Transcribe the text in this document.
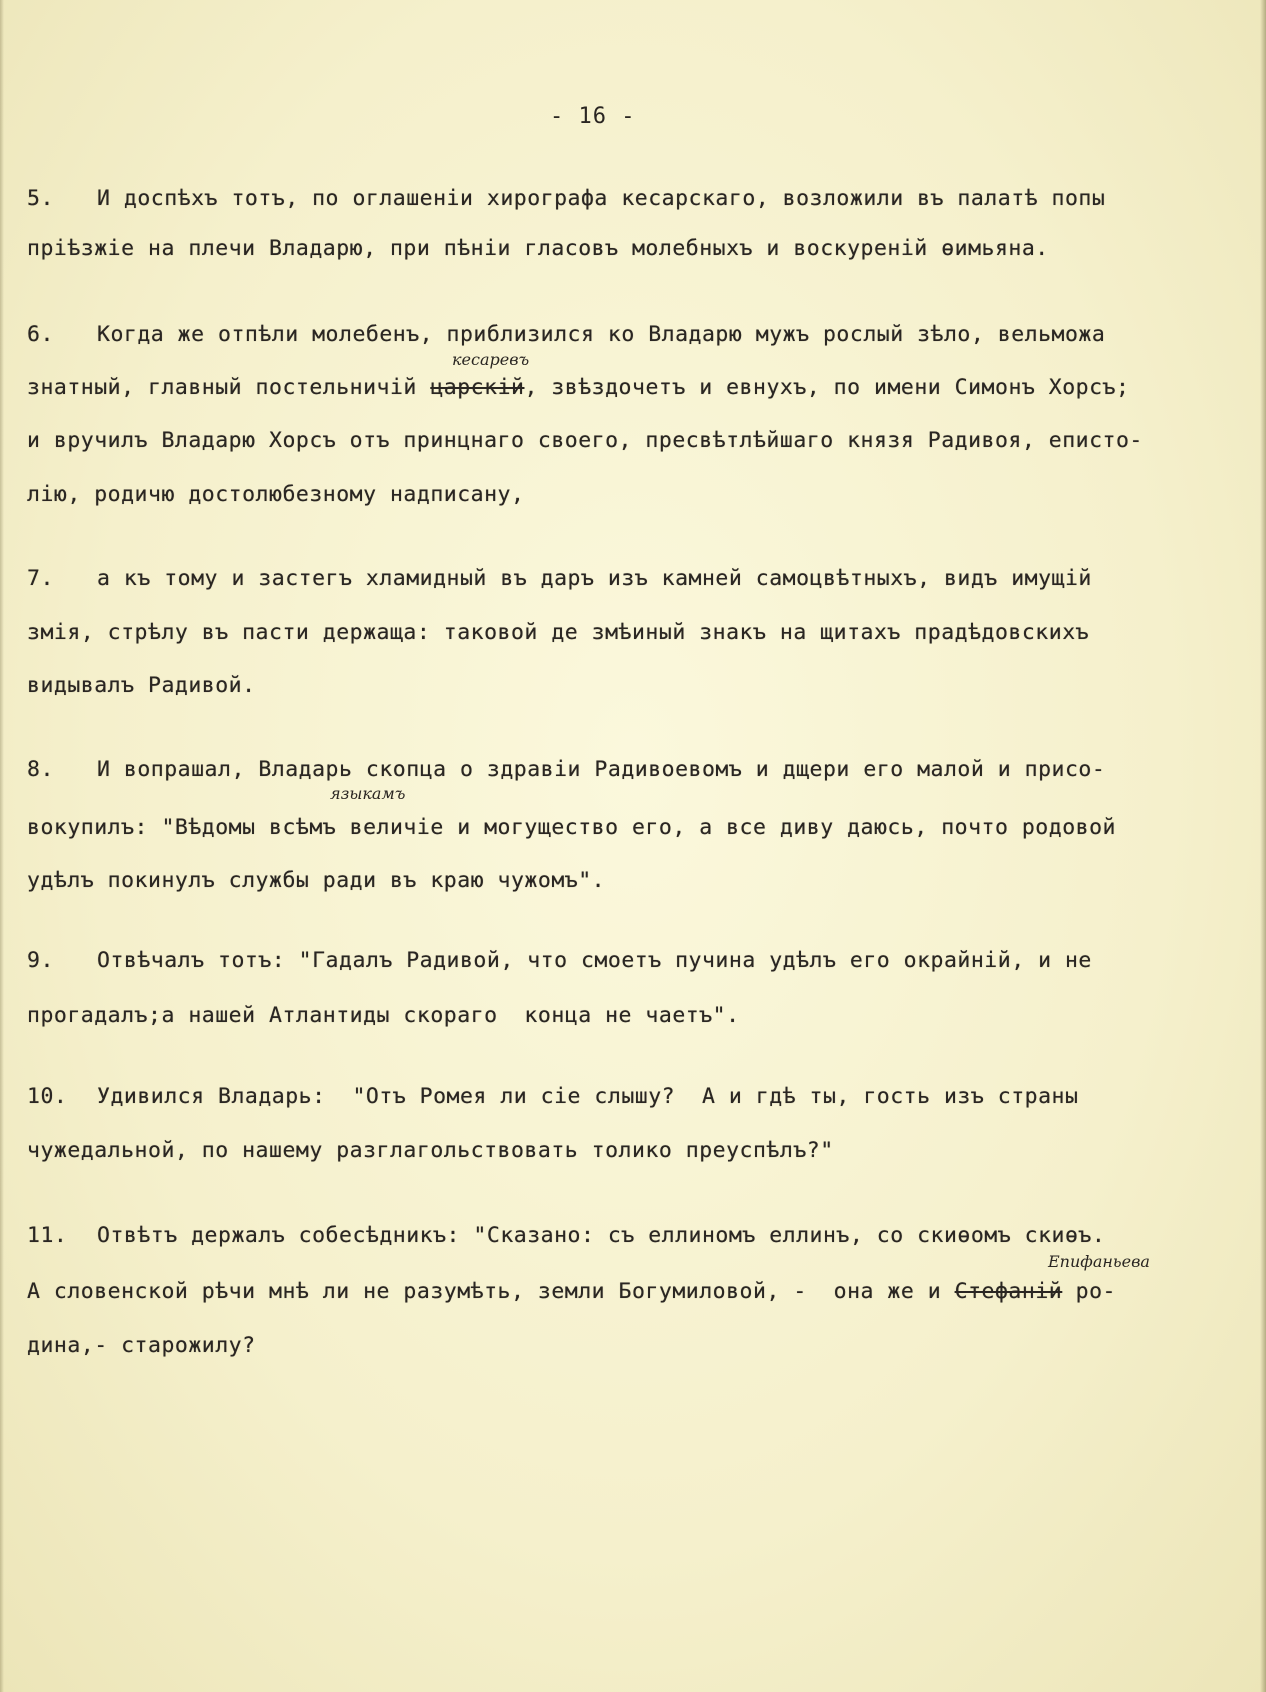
- 16 -
5. И доспѣхъ тотъ, по оглашеніи хирографа кесарскаго, возложили въ палатѣ попы
пріѣзжіе на плечи Владарю, при пѣніи гласовъ молебныхъ и воскуреній ѳимьяна.
6. Когда же отпѣли молебенъ, приблизился ко Владарю мужъ рослый зѣло, вельможа
знатный, главный постельничій царскій, звѣздочетъ и евнухъ, по имени Симонъ Хорсъ;
кесаревъ
и вручилъ Владарю Хорсъ отъ принцнаго своего, пресвѣтлѣйшаго князя Радивоя, еписто-
лію, родичю достолюбезному надписану,
7. а къ тому и застегъ хламидный въ даръ изъ камней самоцвѣтныхъ, видъ имущій
змія, стрѣлу въ пасти держаща: таковой де змѣиный знакъ на щитахъ прадѣдовскихъ
видывалъ Радивой.
8. И вопрашал, Владарь скопца о здравіи Радивоевомъ и дщери его малой и присо-
языкамъ
вокупилъ: "Вѣдомы всѣмъ величіе и могущество его, а все диву даюсь, почто родовой
удѣлъ покинулъ службы ради въ краю чужомъ".
9. Отвѣчалъ тотъ: "Гадалъ Радивой, что смоетъ пучина удѣлъ его окрайній, и не
прогадалъ;а нашей Атлантиды скораго  конца не чаетъ".
10. Удивился Владарь:  "Отъ Ромея ли сіе слышу?  А и гдѣ ты, гость изъ страны
чужедальной, по нашему разглагольствовать толико преуспѣлъ?"
11. Отвѣтъ держалъ собесѣдникъ: "Сказано: съ еллиномъ еллинъ, со скиѳомъ скиѳъ.
Епифаньева
А словенской рѣчи мнѣ ли не разумѣть, земли Богумиловой, -  она же и Стефаній ро-
дина,- старожилу?
